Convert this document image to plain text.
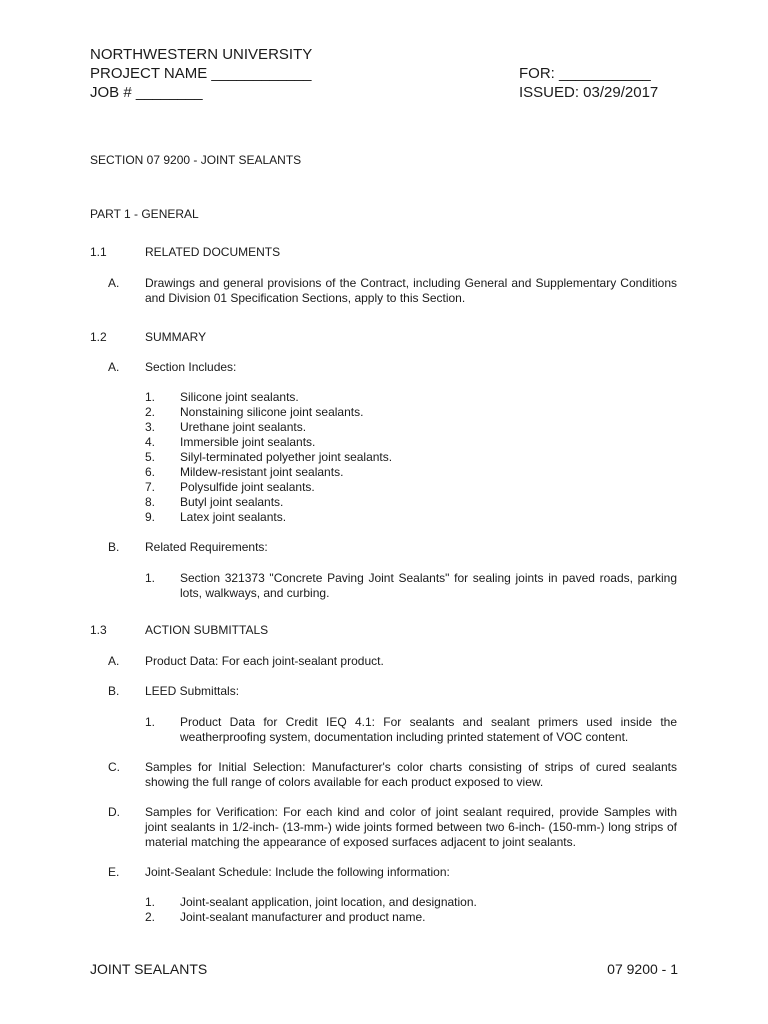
NORTHWESTERN UNIVERSITY
PROJECT NAME ____________
JOB # ________
FOR: ___________
ISSUED: 03/29/2017
SECTION 07 9200 - JOINT SEALANTS
PART 1 - GENERAL
1.1	RELATED DOCUMENTS
A. Drawings and general provisions of the Contract, including General and Supplementary Conditions and Division 01 Specification Sections, apply to this Section.
1.2	SUMMARY
A. Section Includes:
1. Silicone joint sealants.
2. Nonstaining silicone joint sealants.
3. Urethane joint sealants.
4. Immersible joint sealants.
5. Silyl-terminated polyether joint sealants.
6. Mildew-resistant joint sealants.
7. Polysulfide joint sealants.
8. Butyl joint sealants.
9. Latex joint sealants.
B. Related Requirements:
1. Section 321373 "Concrete Paving Joint Sealants" for sealing joints in paved roads, parking lots, walkways, and curbing.
1.3	ACTION SUBMITTALS
A. Product Data: For each joint-sealant product.
B. LEED Submittals:
1. Product Data for Credit IEQ 4.1: For sealants and sealant primers used inside the weatherproofing system, documentation including printed statement of VOC content.
C. Samples for Initial Selection: Manufacturer's color charts consisting of strips of cured sealants showing the full range of colors available for each product exposed to view.
D. Samples for Verification: For each kind and color of joint sealant required, provide Samples with joint sealants in 1/2-inch- (13-mm-) wide joints formed between two 6-inch- (150-mm-) long strips of material matching the appearance of exposed surfaces adjacent to joint sealants.
E. Joint-Sealant Schedule: Include the following information:
1. Joint-sealant application, joint location, and designation.
2. Joint-sealant manufacturer and product name.
JOINT SEALANTS	07 9200 - 1
